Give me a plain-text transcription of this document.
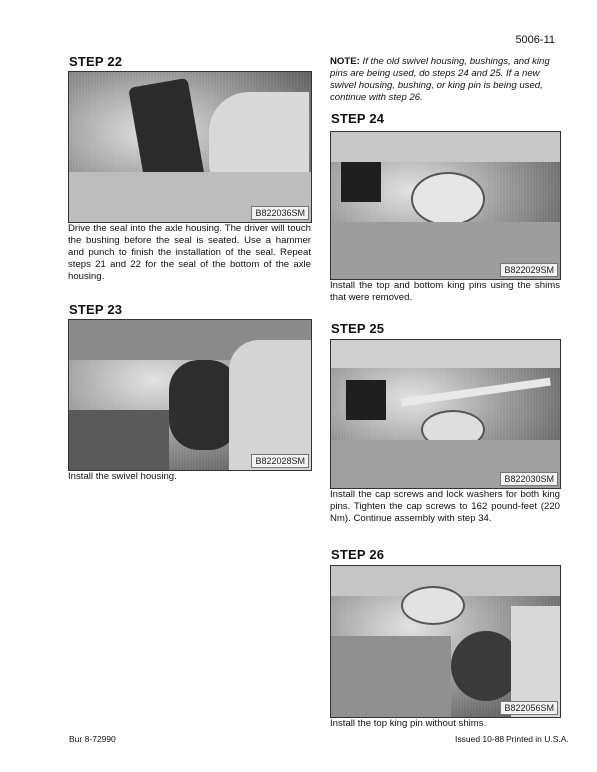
5006-11
STEP 22
B822036SM
Drive the seal into the axle housing. The driver will touch the bushing before the seal is seated. Use a hammer and punch to finish the installation of the seal. Repeat steps 21 and 22 for the seal of the bottom of the axle housing.
STEP 23
B822028SM
Install the swivel housing.
NOTE: If the old swivel housing, bushings, and king pins are being used, do steps 24 and 25. If a new swivel housing, bushing, or king pin is being used, continue with step 26.
STEP 24
B822029SM
Install the top and bottom king pins using the shims that were removed.
STEP 25
B822030SM
Install the cap screws and lock washers for both king pins. Tighten the cap screws to 162 pound-feet (220 Nm). Continue assembly with step 34.
STEP 26
B822056SM
Install the top king pin without shims.
Bur 8-72990	Issued 10-88 Printed in U.S.A.
